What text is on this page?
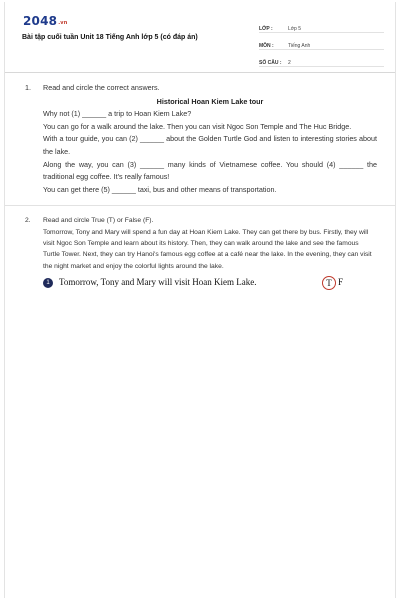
$2048^{.vn}$
Bài tập cuối tuần Unit 18 Tiếng Anh lớp 5 (có đáp án)
LỚP :	Lớp 5
MÔN :	Tiếng Anh
SỐ CÂU :	2
1. Read and circle the correct answers.
Historical Hoan Kiem Lake tour
Why not (1) ______ a trip to Hoan Kiem Lake?
You can go for a walk around the lake. Then you can visit Ngoc Son Temple and The Huc Bridge.
With a tour guide, you can (2) ______ about the Golden Turtle God and listen to interesting stories about the lake.
Along the way, you can (3) ______ many kinds of Vietnamese coffee. You should (4) ______ the traditional egg coffee. It's really famous!
You can get there (5) ______ taxi, bus and other means of transportation.
2. Read and circle True (T) or False (F).
Tomorrow, Tony and Mary will spend a fun day at Hoan Kiem Lake. They can get there by bus. Firstly, they will visit Ngoc Son Temple and learn about its history. Then, they can walk around the lake and see the famous Turtle Tower. Next, they can try Hanoi's famous egg coffee at a café near the lake. In the evening, they can visit the night market and enjoy the colorful lights around the lake.
1	Tomorrow, Tony and Mary will visit Hoan Kiem Lake.	T F
